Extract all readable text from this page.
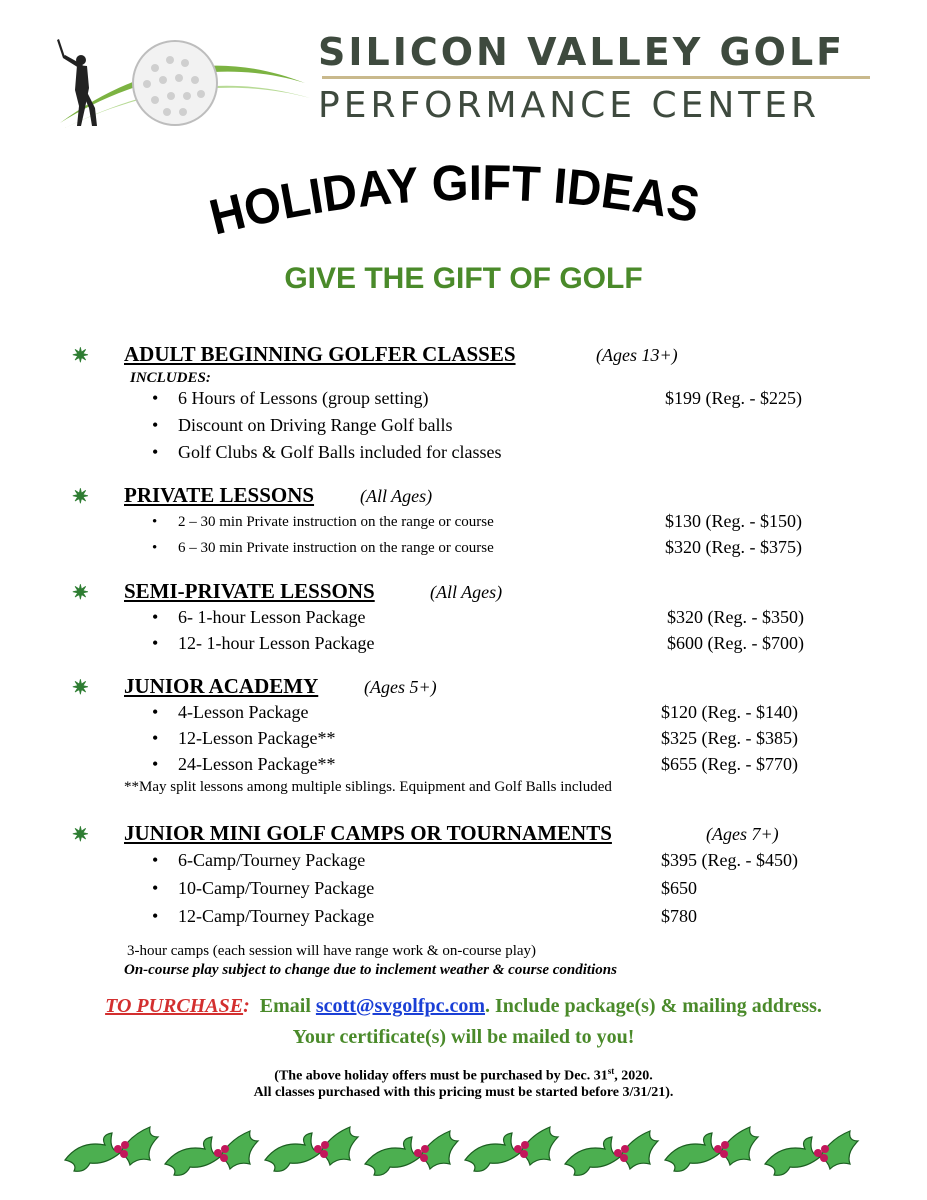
SILICON VALLEY GOLF
PERFORMANCE CENTER
HOLIDAY GIFT IDEAS
GIVE THE GIFT OF GOLF
✷ ADULT BEGINNING GOLFER CLASSES	(Ages 13+)
INCLUDES:
• 6 Hours of Lessons (group setting)	$199 (Reg. - $225)
• Discount on Driving Range Golf balls
• Golf Clubs & Golf Balls included for classes
✷ PRIVATE LESSONS	(All Ages)
• 2 – 30 min Private instruction on the range or course	$130 (Reg. - $150)
• 6 – 30 min Private instruction on the range or course	$320 (Reg. - $375)
✷ SEMI-PRIVATE LESSONS	(All Ages)
• 6- 1-hour Lesson Package	$320 (Reg. - $350)
• 12- 1-hour Lesson Package	$600 (Reg. - $700)
✷ JUNIOR ACADEMY	(Ages 5+)
• 4-Lesson Package	$120 (Reg. - $140)
• 12-Lesson Package**	$325 (Reg. - $385)
• 24-Lesson Package**	$655 (Reg. - $770)
**May split lessons among multiple siblings. Equipment and Golf Balls included
✷ JUNIOR MINI GOLF CAMPS OR TOURNAMENTS	(Ages 7+)
• 6-Camp/Tourney Package	$395 (Reg. - $450)
• 10-Camp/Tourney Package	$650
• 12-Camp/Tourney Package	$780
3-hour camps (each session will have range work & on-course play)
On-course play subject to change due to inclement weather & course conditions
TO PURCHASE: Email scott@svgolfpc.com. Include package(s) & mailing address.
Your certificate(s) will be mailed to you!
(The above holiday offers must be purchased by Dec. 31st, 2020.
All classes purchased with this pricing must be started before 3/31/21).
